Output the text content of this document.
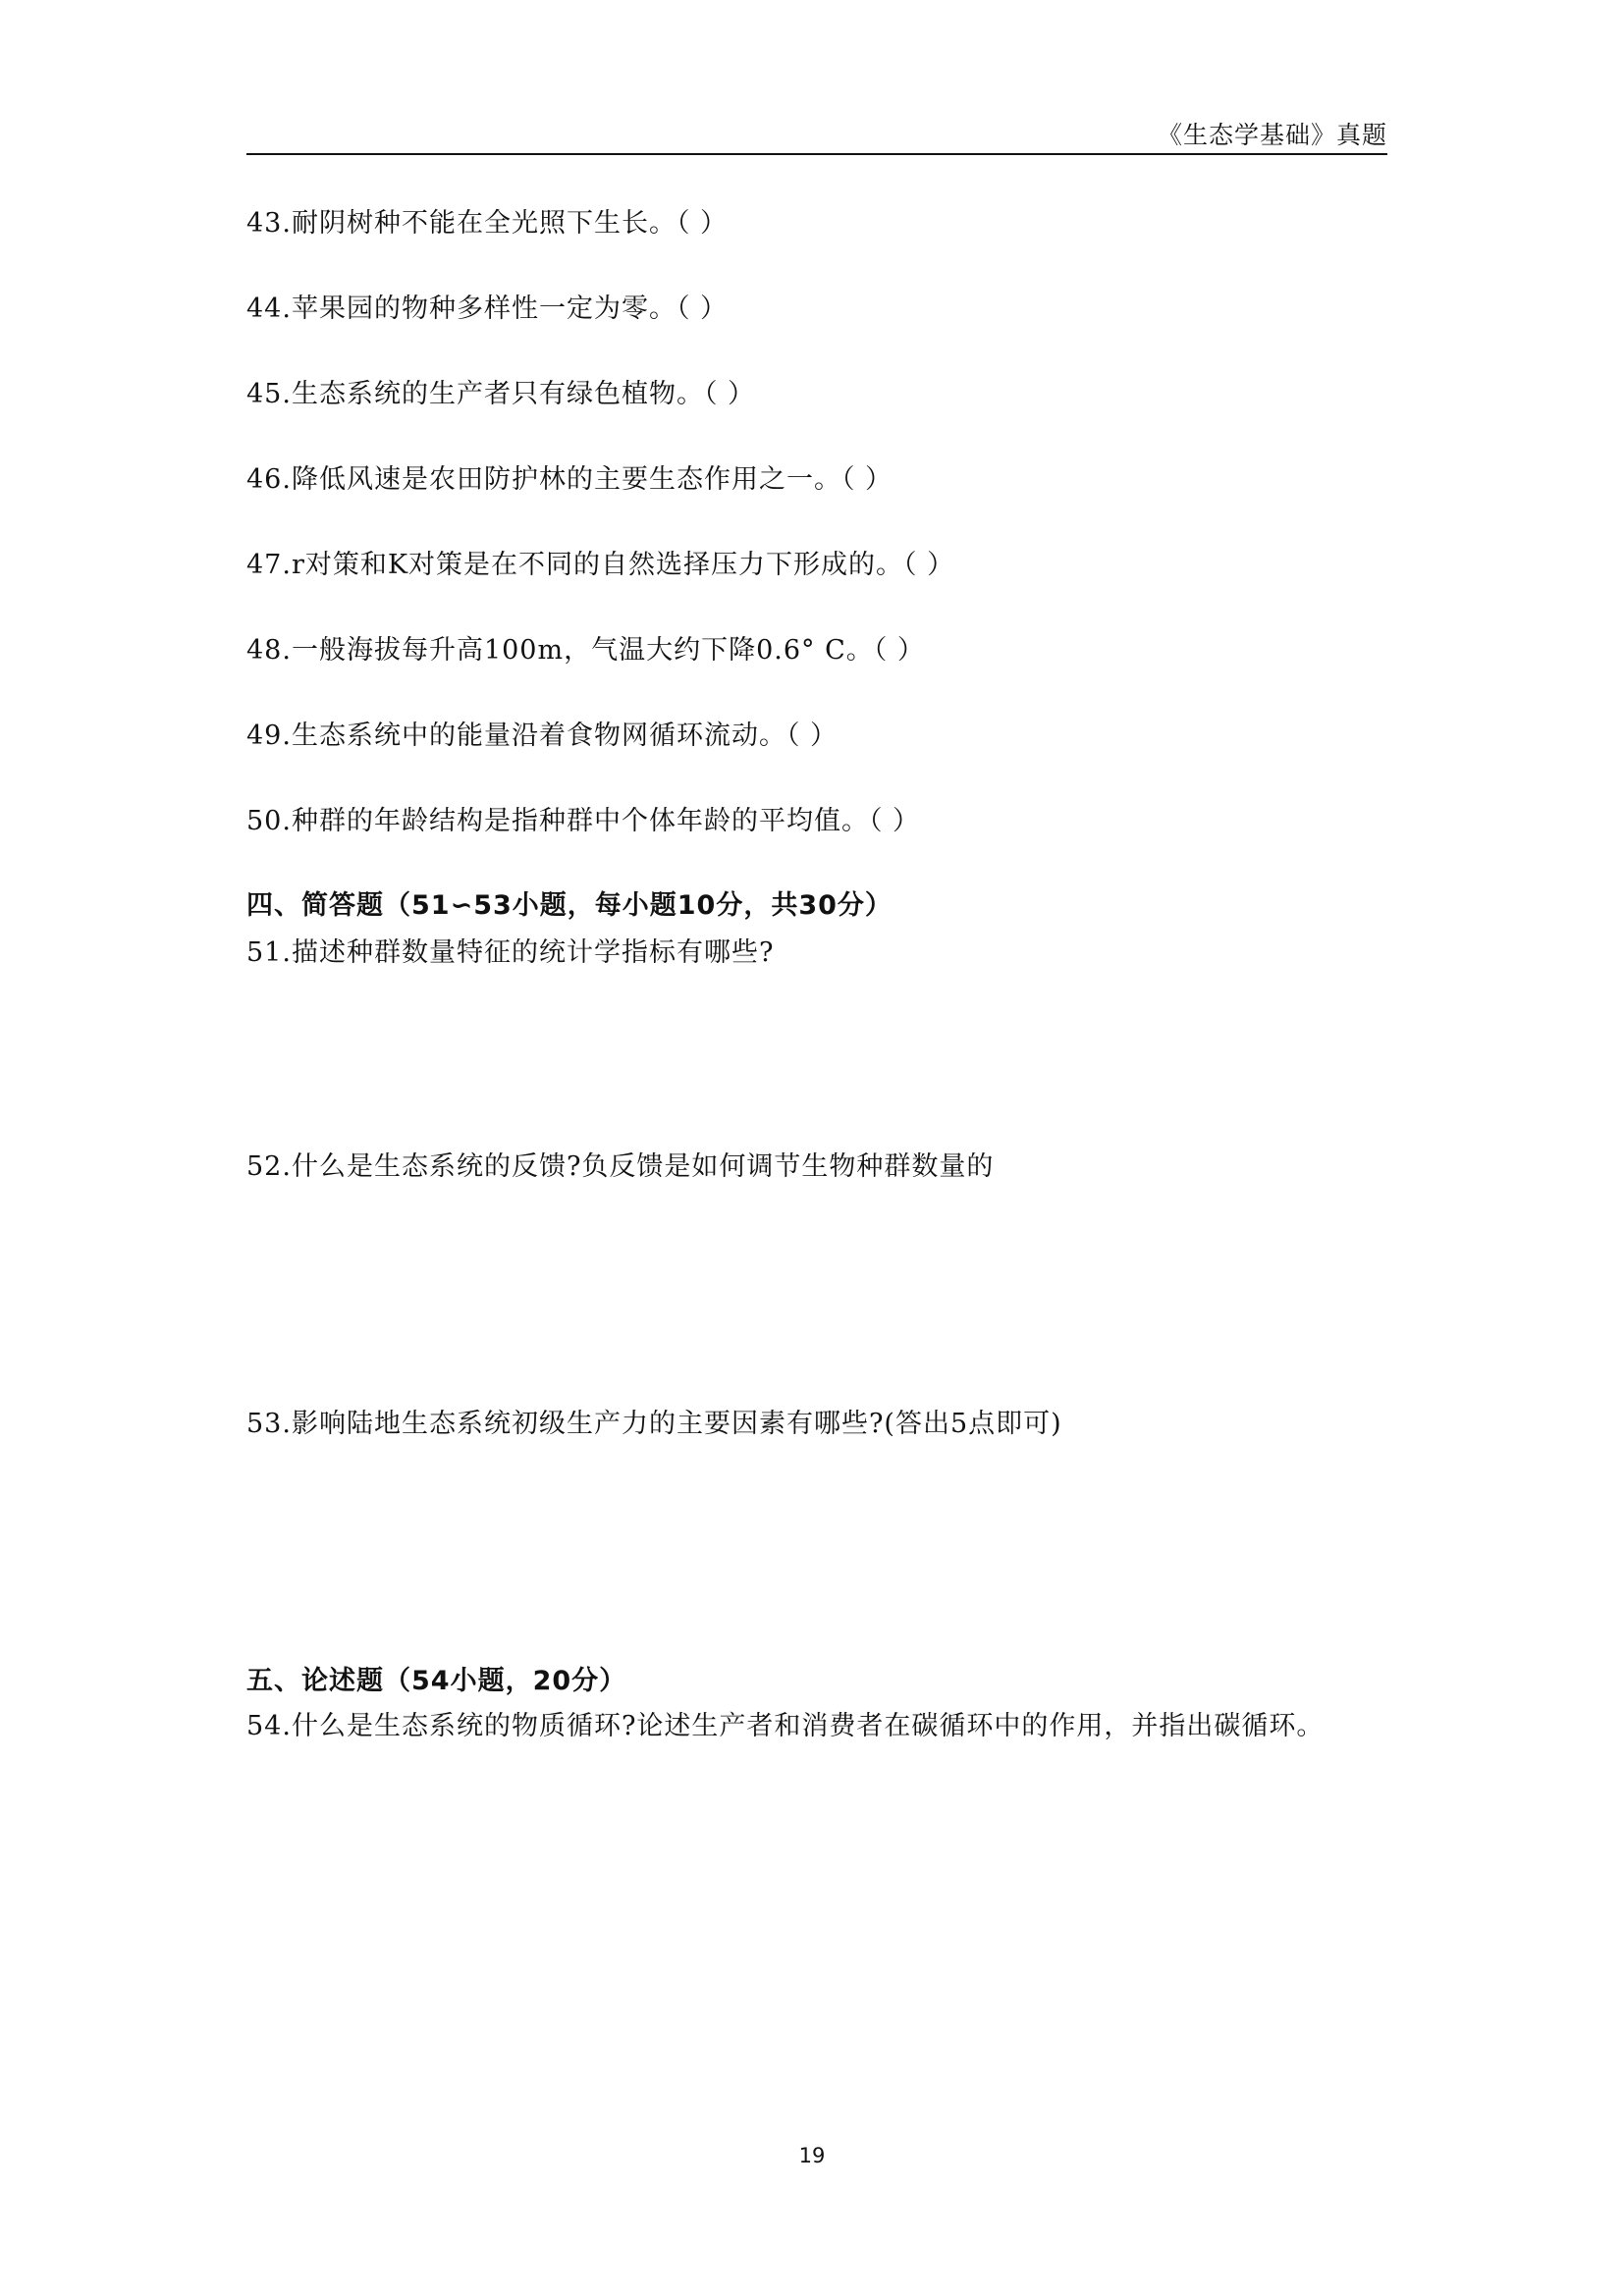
《生态学基础》真题
43.耐阴树种不能在全光照下生长。（ ）
44.苹果园的物种多样性一定为零。（ ）
45.生态系统的生产者只有绿色植物。（ ）
46.降低风速是农田防护林的主要生态作用之一。（ ）
47.r对策和K对策是在不同的自然选择压力下形成的。（ ）
48.一般海拔每升高100m，气温大约下降0.6° C。（ ）
49.生态系统中的能量沿着食物网循环流动。（ ）
50.种群的年龄结构是指种群中个体年龄的平均值。（ ）
四、简答题（51∽53小题，每小题10分，共30分）
51.描述种群数量特征的统计学指标有哪些?
52.什么是生态系统的反馈?负反馈是如何调节生物种群数量的
53.影响陆地生态系统初级生产力的主要因素有哪些?(答出5点即可)
五、论述题（54小题，20分）
54.什么是生态系统的物质循环?论述生产者和消费者在碳循环中的作用，并指出碳循环。
19
